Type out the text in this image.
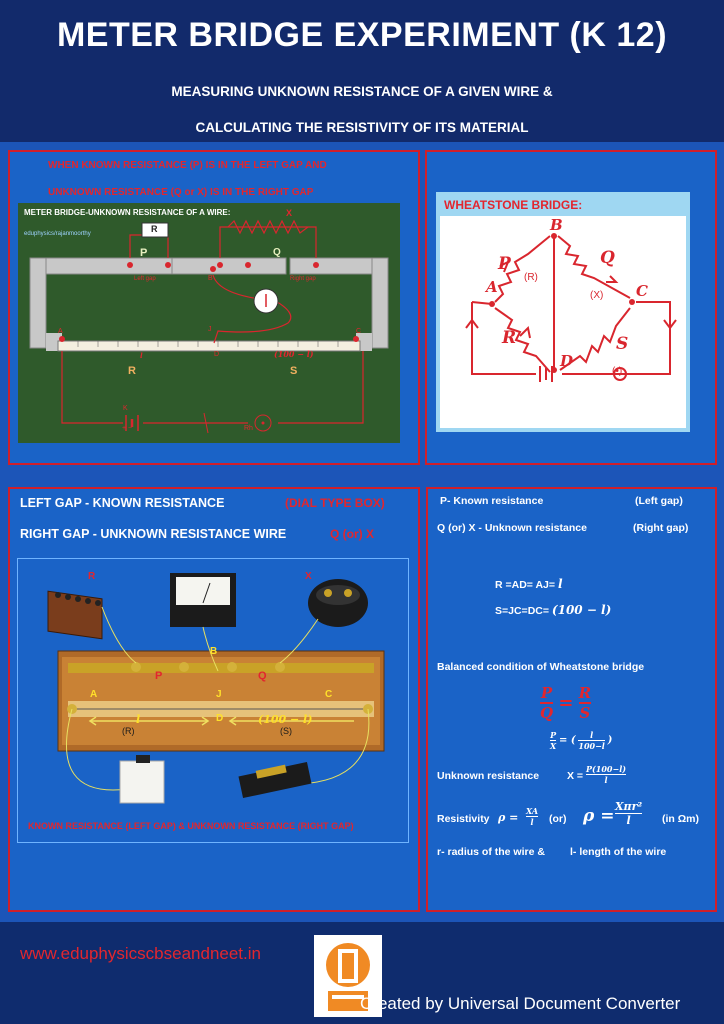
METER BRIDGE EXPERIMENT (K 12)
MEASURING UNKNOWN RESISTANCE OF A GIVEN WIRE &
CALCULATING THE RESISTIVITY OF ITS MATERIAL
WHEN KNOWN RESISTANCE (P) IS IN THE LEFT GAP AND
UNKNOWN RESISTANCE (Q or X) IS IN THE RIGHT GAP
METER BRIDGE-UNKNOWN RESISTANCE OF A WIRE:
eduphysics/rajanmoorthy	R
P	Q
X
Left gap	Right gap
B
A	C
D
J
l	(100 − l)
R	S
K
+ −	Rh
WHEATSTONE BRIDGE:
P	Q
R	S
A
B
C
D
(R)
(X)
(•)
LEFT GAP - KNOWN RESISTANCE	(DIAL TYPE BOX)
RIGHT GAP - UNKNOWN RESISTANCE WIRE	Q (or) X
R	X
B
P	Q
A	J	C
D
l	(100 − l)
(R)	(S)
KNOWN RESISTANCE (LEFT GAP) & UNKNOWN RESISTANCE (RIGHT GAP)
P- Known resistance	(Left gap)
Q (or) X - Unknown resistance	(Right gap)
R =AD= AJ= l
S=JC=DC= (100 − l)
Balanced condition of Wheatstone bridge
$\frac{P}{Q} = \frac{R}{S}$
$\frac{P}{X}$ = ( $\frac{l}{100-l}$ )
Unknown resistance	$X = \frac{P(100-l)}{l}$
Resistivity $\rho = \frac{XA}{l} (or) \rho = X\pi r^2$
l	(in Ωm)
r- radius of the wire & l- length of the wire
www.eduphysicscbseandneet.in
Created by Universal Document Converter
